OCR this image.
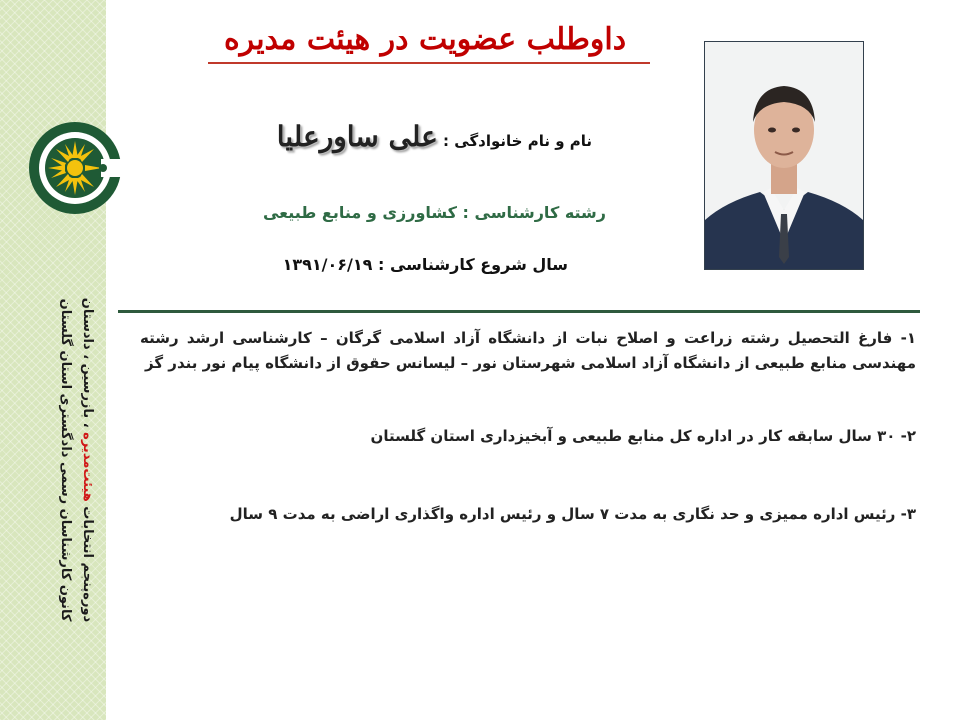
دوره‌پنجم انتخابات هیئت‌مدیره ، بازرسین ، دادستان
کانون کارشناسان رسمی دادگستری استان گلستان
داوطلب عضویت در هیئت مدیره
نام و نام خانوادگی : علی ساورعلیا
رشته کارشناسی : کشاورزی و منابع طبیعی
سال شروع کارشناسی : ۱۳۹۱/۰۶/۱۹
۱- فارغ التحصیل رشته زراعت و اصلاح نبات از دانشگاه آزاد اسلامی گرگان – کارشناسی ارشد رشته مهندسی منابع طبیعی از دانشگاه آزاد اسلامی شهرستان نور – لیسانس حقوق از دانشگاه پیام نور بندر گز
۲- ۳۰ سال سابقه کار در اداره کل منابع طبیعی و آبخیزداری استان گلستان
۳- رئیس اداره ممیزی و حد نگاری به مدت ۷ سال و رئیس اداره واگذاری اراضی به مدت ۹ سال
